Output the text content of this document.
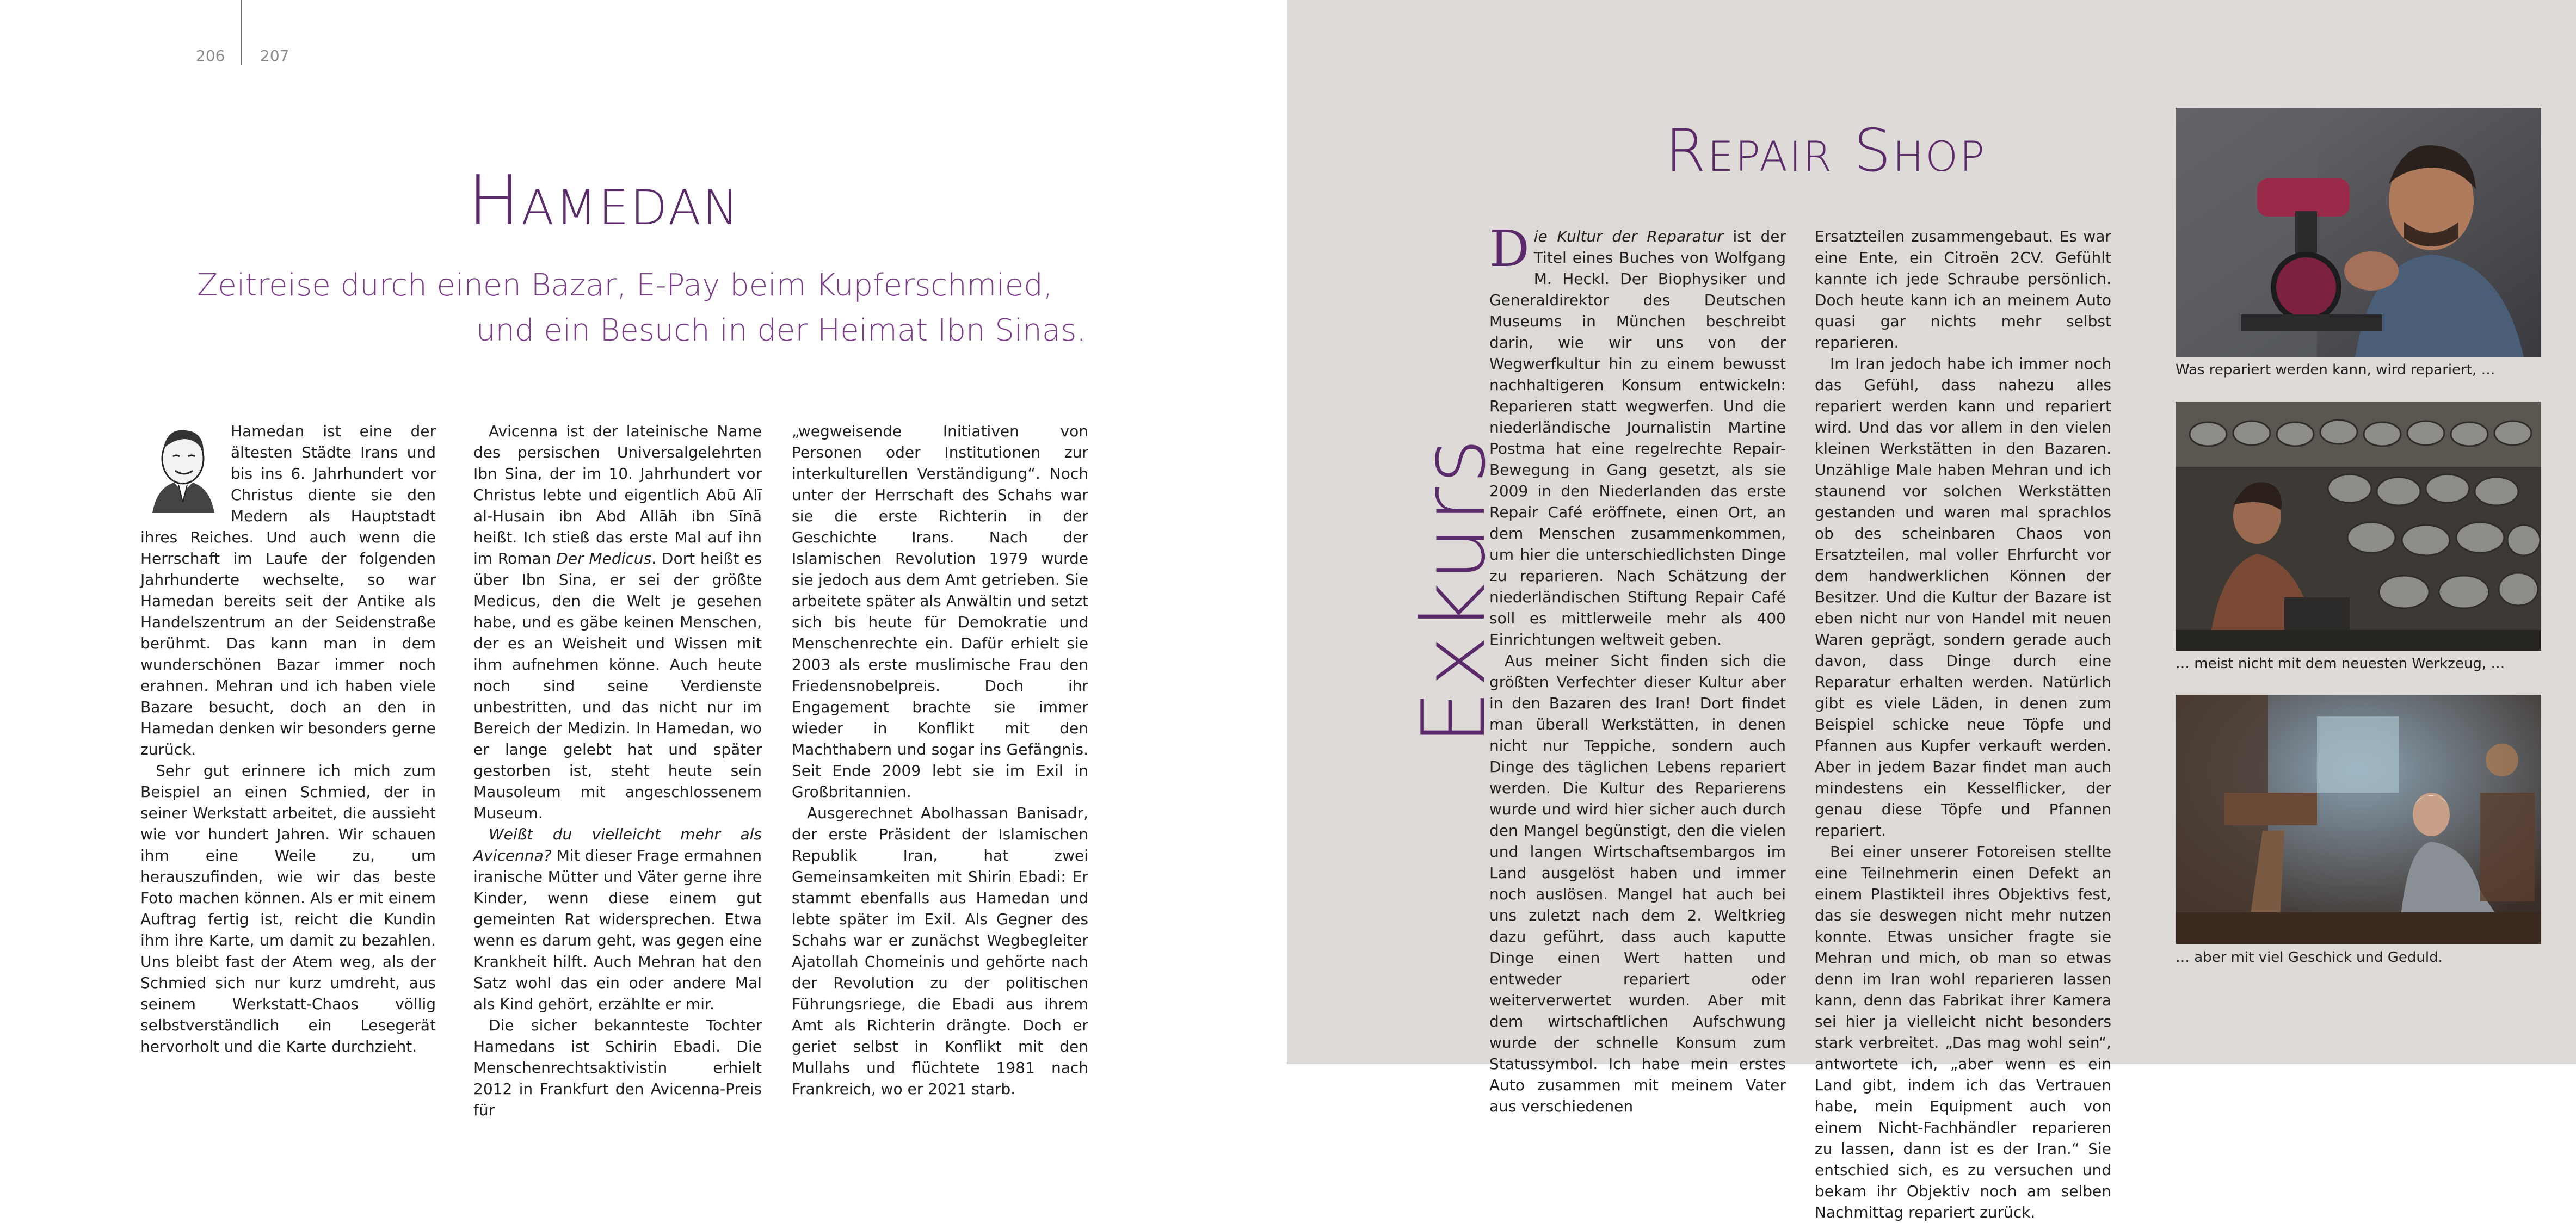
206 207
Hamedan
Zeitreise durch einen Bazar, E-Pay beim Kupferschmied,
und ein Besuch in der Heimat Ibn Sinas.

Hamedan ist eine der ältesten Städte Irans und bis ins 6. Jahrhundert vor Christus diente sie den Medern als Hauptstadt ihres Reiches. Und auch wenn die Herrschaft im Laufe der folgenden Jahrhunderte wechselte, so war Hamedan bereits seit der Antike als Handelszentrum an der Seidenstraße berühmt. Das kann man in dem wunderschönen Bazar immer noch erahnen. Mehran und ich haben viele Bazare besucht, doch an den in Hamedan denken wir besonders gerne zurück.

Sehr gut erinnere ich mich zum Beispiel an einen Schmied, der in seiner Werkstatt arbeitet, die aussieht wie vor hundert Jahren. Wir schauen ihm eine Weile zu, um herauszufinden, wie wir das beste Foto machen können. Als er mit einem Auftrag fertig ist, reicht die Kundin ihm ihre Karte, um damit zu bezahlen. Uns bleibt fast der Atem weg, als der Schmied sich nur kurz umdreht, aus seinem Werkstatt-Chaos völlig selbstverständlich ein Lesegerät hervorholt und die Karte durchzieht.

Avicenna ist der lateinische Name des persischen Universalgelehrten Ibn Sina, der im 10. Jahrhundert vor Christus lebte und eigentlich Abū Alī al-Husain ibn Abd Allāh ibn Sīnā heißt. Ich stieß das erste Mal auf ihn im Roman Der Medicus. Dort heißt es über Ibn Sina, er sei der größte Medicus, den die Welt je gesehen habe, und es gäbe keinen Menschen, der es an Weisheit und Wissen mit ihm aufnehmen könne. Auch heute noch sind seine Verdienste unbestritten, und das nicht nur im Bereich der Medizin. In Hamedan, wo er lange gelebt hat und später gestorben ist, steht heute sein Mausoleum mit angeschlossenem Museum.

Weißt du vielleicht mehr als Avicenna? Mit dieser Frage ermahnen iranische Mütter und Väter gerne ihre Kinder, wenn diese einem gut gemeinten Rat widersprechen. Etwa wenn es darum geht, was gegen eine Krankheit hilft. Auch Mehran hat den Satz wohl das ein oder andere Mal als Kind gehört, erzählte er mir.

Die sicher bekannteste Tochter Hamedans ist Schirin Ebadi. Die Menschenrechtsaktivistin erhielt 2012 in Frankfurt den Avicenna-Preis für

„wegweisende Initiativen von Personen oder Institutionen zur interkulturellen Verständigung“. Noch unter der Herrschaft des Schahs war sie die erste Richterin in der Geschichte Irans. Nach der Islamischen Revolution 1979 wurde sie jedoch aus dem Amt getrieben. Sie arbeitete später als Anwältin und setzt sich bis heute für Demokratie und Menschenrechte ein. Dafür erhielt sie 2003 als erste muslimische Frau den Friedensnobelpreis. Doch ihr Engagement brachte sie immer wieder in Konflikt mit den Machthabern und sogar ins Gefängnis. Seit Ende 2009 lebt sie im Exil in Großbritannien.

Ausgerechnet Abolhassan Banisadr, der erste Präsident der Islamischen Republik Iran, hat zwei Gemeinsamkeiten mit Shirin Ebadi: Er stammt ebenfalls aus Hamedan und lebte später im Exil. Als Gegner des Schahs war er zunächst Wegbegleiter Ajatollah Chomeinis und gehörte nach der Revolution zu der politischen Führungsriege, die Ebadi aus ihrem Amt als Richterin drängte. Doch er geriet selbst in Konflikt mit den Mullahs und flüchtete 1981 nach Frankreich, wo er 2021 starb.

Exkurs
Repair Shop

Die Kultur der Reparatur ist der Titel eines Buches von Wolfgang M. Heckl. Der Biophysiker und Generaldirektor des Deutschen Museums in München beschreibt darin, wie wir uns von der Wegwerfkultur hin zu einem bewusst nachhaltigeren Konsum entwickeln: Reparieren statt wegwerfen. Und die niederländische Journalistin Martine Postma hat eine regelrechte Repair-Bewegung in Gang gesetzt, als sie 2009 in den Niederlanden das erste Repair Café eröffnete, einen Ort, an dem Menschen zusammenkommen, um hier die unterschiedlichsten Dinge zu reparieren. Nach Schätzung der niederländischen Stiftung Repair Café soll es mittlerweile mehr als 400 Einrichtungen weltweit geben.

Aus meiner Sicht finden sich die größten Verfechter dieser Kultur aber in den Bazaren des Iran! Dort findet man überall Werkstätten, in denen nicht nur Teppiche, sondern auch Dinge des täglichen Lebens repariert werden. Die Kultur des Reparierens wurde und wird hier sicher auch durch den Mangel begünstigt, den die vielen und langen Wirtschaftsembargos im Land ausgelöst haben und immer noch auslösen. Mangel hat auch bei uns zuletzt nach dem 2. Weltkrieg dazu geführt, dass auch kaputte Dinge einen Wert hatten und entweder repariert oder weiterverwertet wurden. Aber mit dem wirtschaftlichen Aufschwung wurde der schnelle Konsum zum Statussymbol. Ich habe mein erstes Auto zusammen mit meinem Vater aus verschiedenen

Ersatzteilen zusammengebaut. Es war eine Ente, ein Citroën 2CV. Gefühlt kannte ich jede Schraube persönlich. Doch heute kann ich an meinem Auto quasi gar nichts mehr selbst reparieren.

Im Iran jedoch habe ich immer noch das Gefühl, dass nahezu alles repariert werden kann und repariert wird. Und das vor allem in den vielen kleinen Werkstätten in den Bazaren. Unzählige Male haben Mehran und ich staunend vor solchen Werkstätten gestanden und waren mal sprachlos ob des scheinbaren Chaos von Ersatzteilen, mal voller Ehrfurcht vor dem handwerklichen Können der Besitzer. Und die Kultur der Bazare ist eben nicht nur von Handel mit neuen Waren geprägt, sondern gerade auch davon, dass Dinge durch eine Reparatur erhalten werden. Natürlich gibt es viele Läden, in denen zum Beispiel schicke neue Töpfe und Pfannen aus Kupfer verkauft werden. Aber in jedem Bazar findet man auch mindestens ein Kesselflicker, der genau diese Töpfe und Pfannen repariert.

Bei einer unserer Fotoreisen stellte eine Teilnehmerin einen Defekt an einem Plastikteil ihres Objektivs fest, das sie deswegen nicht mehr nutzen konnte. Etwas unsicher fragte sie Mehran und mich, ob man so etwas denn im Iran wohl reparieren lassen kann, denn das Fabrikat ihrer Kamera sei hier ja vielleicht nicht besonders stark verbreitet. „Das mag wohl sein“, antwortete ich, „aber wenn es ein Land gibt, indem ich das Vertrauen habe, mein Equipment auch von einem Nicht-Fachhändler reparieren zu lassen, dann ist es der Iran.“ Sie entschied sich, es zu versuchen und bekam ihr Objektiv noch am selben Nachmittag repariert zurück.

Was repariert werden kann, wird repariert, …
… meist nicht mit dem neuesten Werkzeug, …
… aber mit viel Geschick und Geduld.
